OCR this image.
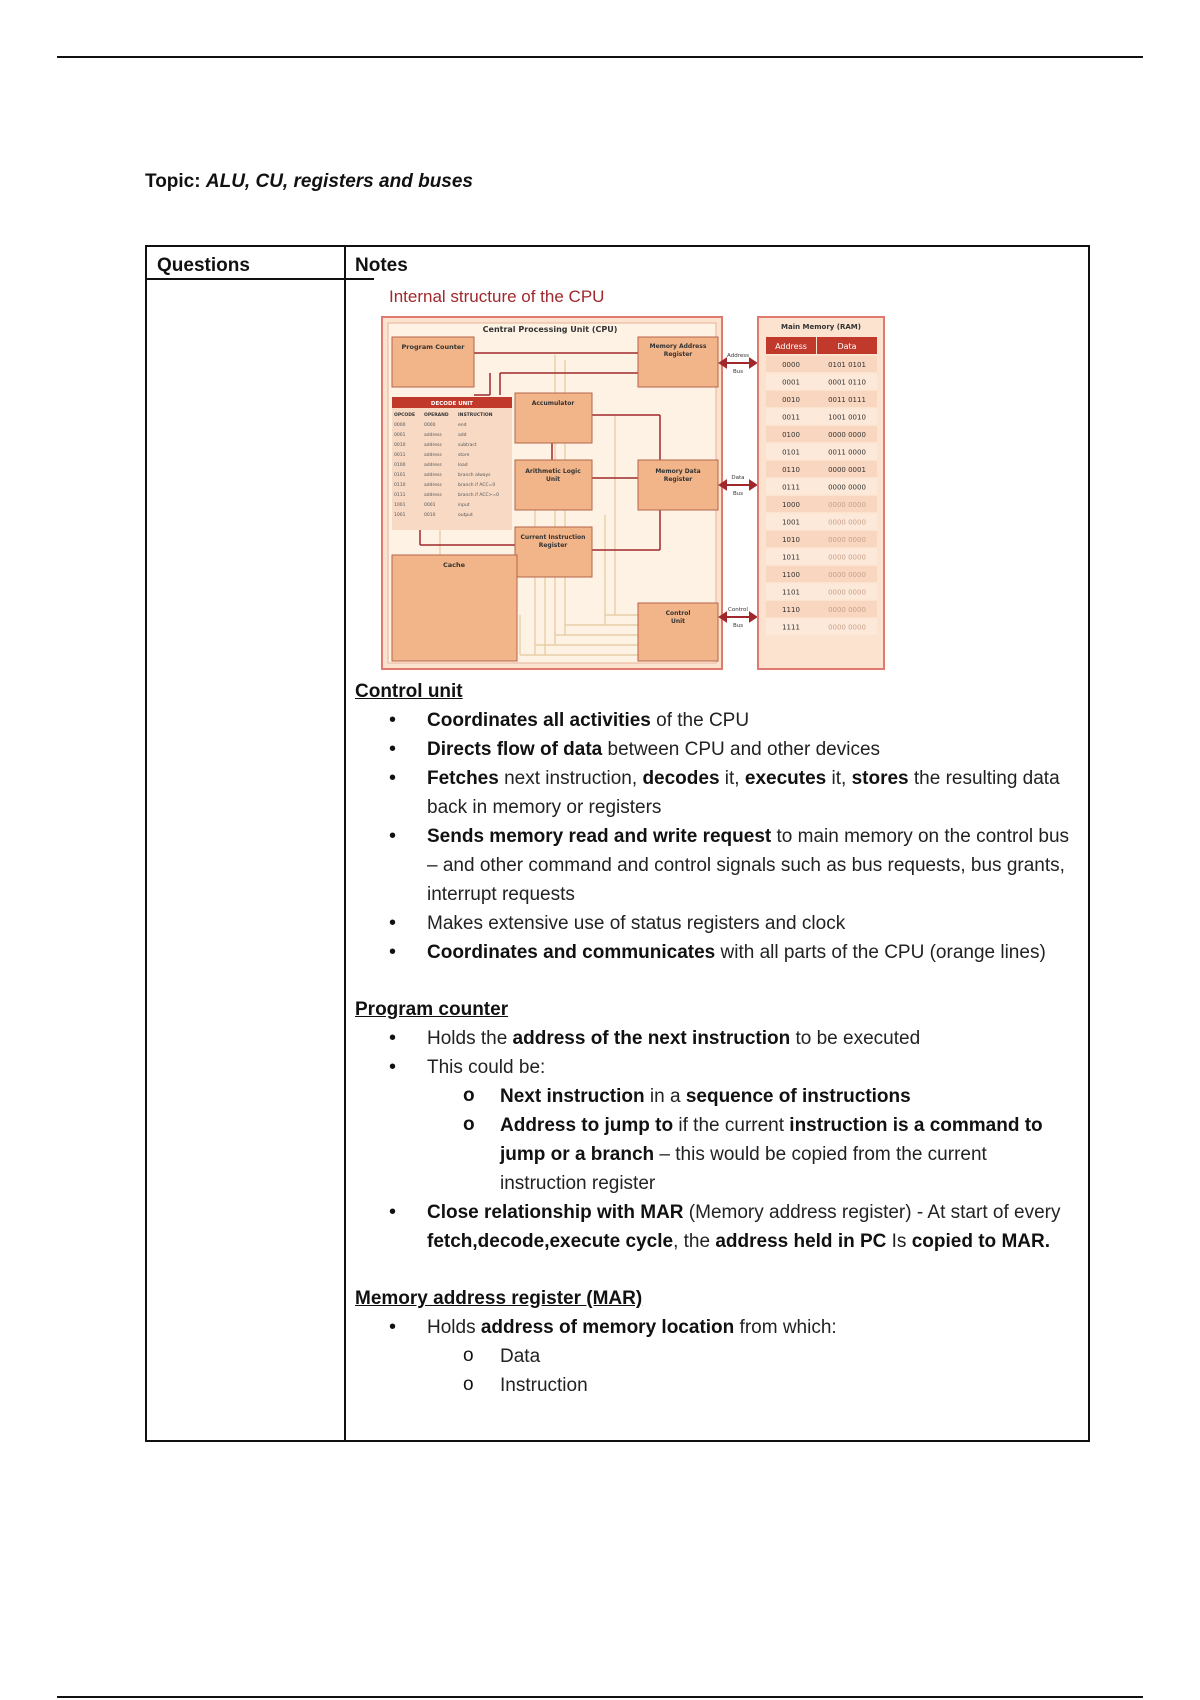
Topic: ALU, CU, registers and buses
Questions	Notes
Internal structure of the CPU
Central Processing Unit (CPU)
Program Counter	Memory Address
Register
Accumulator
Arithmetic Logic
Unit
Memory Data
Register
Current Instruction
Register
Cache
Control
Unit
DECODE UNIT
OPCODE OPERAND INSTRUCTION
0000	0000	end
0001	address	add
0010	address	subtract
0011	address	store
0100	address	load
0101	address	branch always
0110	address	branch if ACC=0
0111	address	branch if ACC>=0
1001	0001	input
1001	0010	output
Address
Bus
Data
Bus
Control
Bus
Main Memory (RAM)
Address	Data
0000	0101 0101
0001	0001 0110
0010	0011 0111
0011	1001 0010
0100	0000 0000
0101	0011 0000
0110	0000 0001
0111	0000 0000
1000	0000 0000
1001	0000 0000
1010	0000 0000
1011	0000 0000
1100	0000 0000
1101	0000 0000
1110	0000 0000
1111	0000 0000

Control unit

• Coordinates all activities of the CPU
• Directs flow of data between CPU and other devices
• Fetches next instruction, decodes it, executes it, stores the resulting data back in memory or registers
• Sends memory read and write request to main memory on the control bus – and other command and control signals such as bus requests, bus grants, interrupt requests
• Makes extensive use of status registers and clock
• Coordinates and communicates with all parts of the CPU (orange lines)

Program counter

• Holds the address of the next instruction to be executed
• This could be:
o Next instruction in a sequence of instructions
o Address to jump to if the current instruction is a command to jump or a branch – this would be copied from the current instruction register
• Close relationship with MAR (Memory address register) - At start of every fetch,decode,execute cycle, the address held in PC Is copied to MAR.

Memory address register (MAR)

• Holds address of memory location from which:
o Data
o Instruction
